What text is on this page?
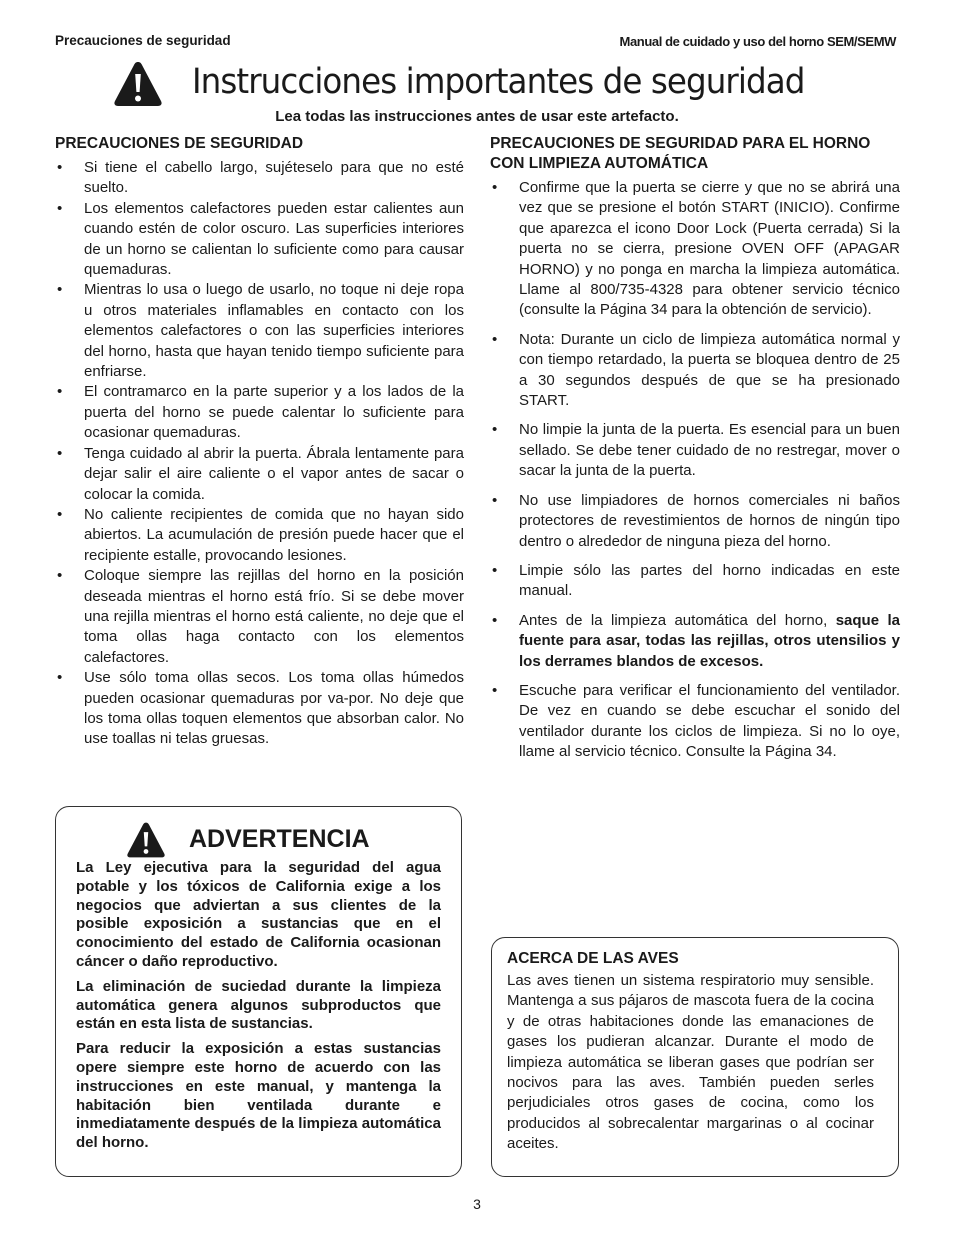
Precauciones de seguridad	Manual de cuidado y uso del horno SEM/SEMW
Instrucciones importantes de seguridad
Lea todas las instrucciones antes de usar este artefacto.
PRECAUCIONES DE SEGURIDAD
• Si tiene el cabello largo, sujéteselo para que no esté suelto.
• Los elementos calefactores pueden estar calientes aun cuando estén de color oscuro. Las superficies interiores de un horno se calientan lo suficiente como para causar quemaduras.
• Mientras lo usa o luego de usarlo, no toque ni deje ropa u otros materiales inflamables en contacto con los elementos calefactores o con las superficies interiores del horno, hasta que hayan tenido tiempo suficiente para enfriarse.
• El contramarco en la parte superior y a los lados de la puerta del horno se puede calentar lo suficiente para ocasionar quemaduras.
• Tenga cuidado al abrir la puerta. Ábrala lentamente para dejar salir el aire caliente o el vapor antes de sacar o colocar la comida.
• No caliente recipientes de comida que no hayan sido abiertos. La acumulación de presión puede hacer que el recipiente estalle, provocando lesiones.
• Coloque siempre las rejillas del horno en la posición deseada mientras el horno está frío. Si se debe mover una rejilla mientras el horno está caliente, no deje que el toma ollas haga contacto con los elementos calefactores.
• Use sólo toma ollas secos. Los toma ollas húmedos pueden ocasionar quemaduras por va-por. No deje que los toma ollas toquen elementos que absorban calor. No use toallas ni telas gruesas.
PRECAUCIONES DE SEGURIDAD PARA EL HORNO CON LIMPIEZA AUTOMÁTICA
• Confirme que la puerta se cierre y que no se abrirá una vez que se presione el botón START (INICIO). Confirme que aparezca el icono Door Lock (Puerta cerrada) Si la puerta no se cierra, presione OVEN OFF (APAGAR HORNO) y no ponga en marcha la limpieza automática. Llame al 800/735-4328 para obtener servicio técnico (consulte la Página 34 para la obtención de servicio).
• Nota: Durante un ciclo de limpieza automática normal y con tiempo retardado, la puerta se bloquea dentro de 25 a 30 segundos después de que se ha presionado START.
• No limpie la junta de la puerta. Es esencial para un buen sellado. Se debe tener cuidado de no restregar, mover o sacar la junta de la puerta.
• No use limpiadores de hornos comerciales ni baños protectores de revestimientos de hornos de ningún tipo dentro o alrededor de ninguna pieza del horno.
• Limpie sólo las partes del horno indicadas en este manual.
• Antes de la limpieza automática del horno, saque la fuente para asar, todas las rejillas, otros utensilios y los derrames blandos de excesos.
• Escuche para verificar el funcionamiento del ventilador. De vez en cuando se debe escuchar el sonido del ventilador durante los ciclos de limpieza. Si no lo oye, llame al servicio técnico. Consulte la Página 34.
ADVERTENCIA

La Ley ejecutiva para la seguridad del agua potable y los tóxicos de California exige a los negocios que adviertan a sus clientes de la posible exposición a sustancias que en el conocimiento del estado de California ocasionan cáncer o daño reproductivo.

La eliminación de suciedad durante la limpieza automática genera algunos subproductos que están en esta lista de sustancias.

Para reducir la exposición a estas sustancias opere siempre este horno de acuerdo con las instrucciones en este manual, y mantenga la habitación bien ventilada durante e inmediatamente después de la limpieza automática del horno.

ACERCA DE LAS AVES

Las aves tienen un sistema respiratorio muy sensible. Mantenga a sus pájaros de mascota fuera de la cocina y de otras habitaciones donde las emanaciones de gases los pudieran alcanzar. Durante el modo de limpieza automática se liberan gases que podrían ser nocivos para las aves. También pueden serles perjudiciales otros gases de cocina, como los producidos al sobrecalentar margarinas o al cocinar aceites.

3
